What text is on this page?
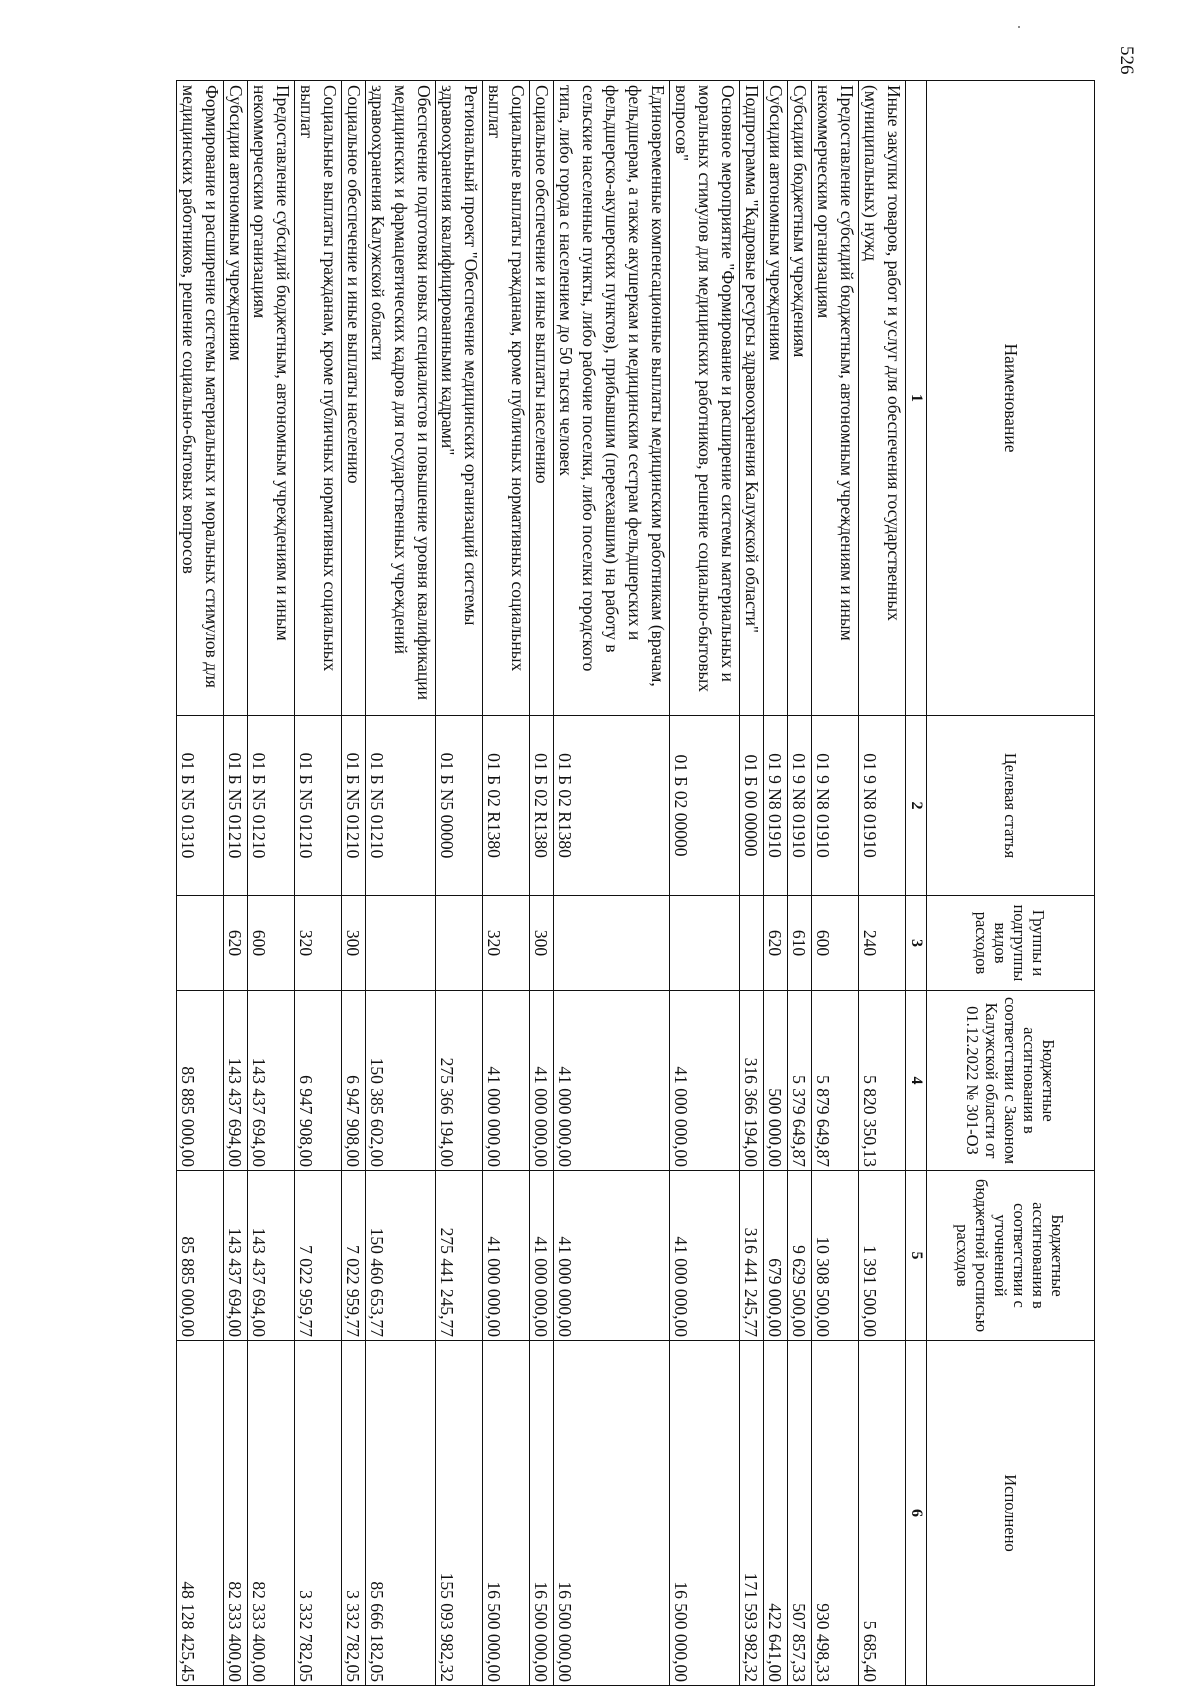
526
Наименование	Целевая статья	Группы и подгруппы видов расходов	Бюджетные ассигнования в соответствии с Законом Калужской области от 01.12.2022 № 301-ОЗ	Бюджетные ассигнования в соответствии с уточненной бюджетной росписью расходов	Исполнено
1	2	3	4	5	6
Иные закупки товаров, работ и услуг для обеспечения государственных (муниципальных) нужд	01 9 N8 01910	240	5 820 350,13	1 391 500,00	5 685,40
Предоставление субсидий бюджетным, автономным учреждениям и иным некоммерческим организациям	01 9 N8 01910	600	5 879 649,87	10 308 500,00	930 498,33
Субсидии бюджетным учреждениям	01 9 N8 01910	610	5 379 649,87	9 629 500,00	507 857,33
Субсидии автономным учреждениям	01 9 N8 01910	620	500 000,00	679 000,00	422 641,00
Подпрограмма "Кадровые ресурсы здравоохранения Калужской области"	01 Б 00 00000		316 366 194,00	316 441 245,77	171 593 982,32
Основное мероприятие "Формирование и расширение системы материальных и моральных стимулов для медицинских работников, решение социально-бытовых вопросов"	01 Б 02 00000		41 000 000,00	41 000 000,00	16 500 000,00
Единовременные компенсационные выплаты медицинским работникам (врачам, фельдшерам, а также акушеркам и медицинским сестрам фельдшерских и фельдшерско-акушерских пунктов), прибывшим (переехавшим) на работу в сельские населенные пункты, либо рабочие поселки, либо поселки городского типа, либо города с населением до 50 тысяч человек	01 Б 02 R1380		41 000 000,00	41 000 000,00	16 500 000,00
Социальное обеспечение и иные выплаты населению	01 Б 02 R1380	300	41 000 000,00	41 000 000,00	16 500 000,00
Социальные выплаты гражданам, кроме публичных нормативных социальных выплат	01 Б 02 R1380	320	41 000 000,00	41 000 000,00	16 500 000,00
Региональный проект "Обеспечение медицинских организаций системы здравоохранения квалифицированными кадрами"	01 Б N5 00000		275 366 194,00	275 441 245,77	155 093 982,32
Обеспечение подготовки новых специалистов и повышение уровня квалификации медицинских и фармацевтических кадров для государственных учреждений здравоохранения Калужской области	01 Б N5 01210		150 385 602,00	150 460 653,77	85 666 182,05
Социальное обеспечение и иные выплаты населению	01 Б N5 01210	300	6 947 908,00	7 022 959,77	3 332 782,05
Социальные выплаты гражданам, кроме публичных нормативных социальных выплат	01 Б N5 01210	320	6 947 908,00	7 022 959,77	3 332 782,05
Предоставление субсидий бюджетным, автономным учреждениям и иным некоммерческим организациям	01 Б N5 01210	600	143 437 694,00	143 437 694,00	82 333 400,00
Субсидии автономным учреждениям	01 Б N5 01210	620	143 437 694,00	143 437 694,00	82 333 400,00
Формирование и расширение системы материальных и моральных стимулов для медицинских работников, решение социально-бытовых вопросов	01 Б N5 01310		85 885 000,00	85 885 000,00	48 128 425,45
